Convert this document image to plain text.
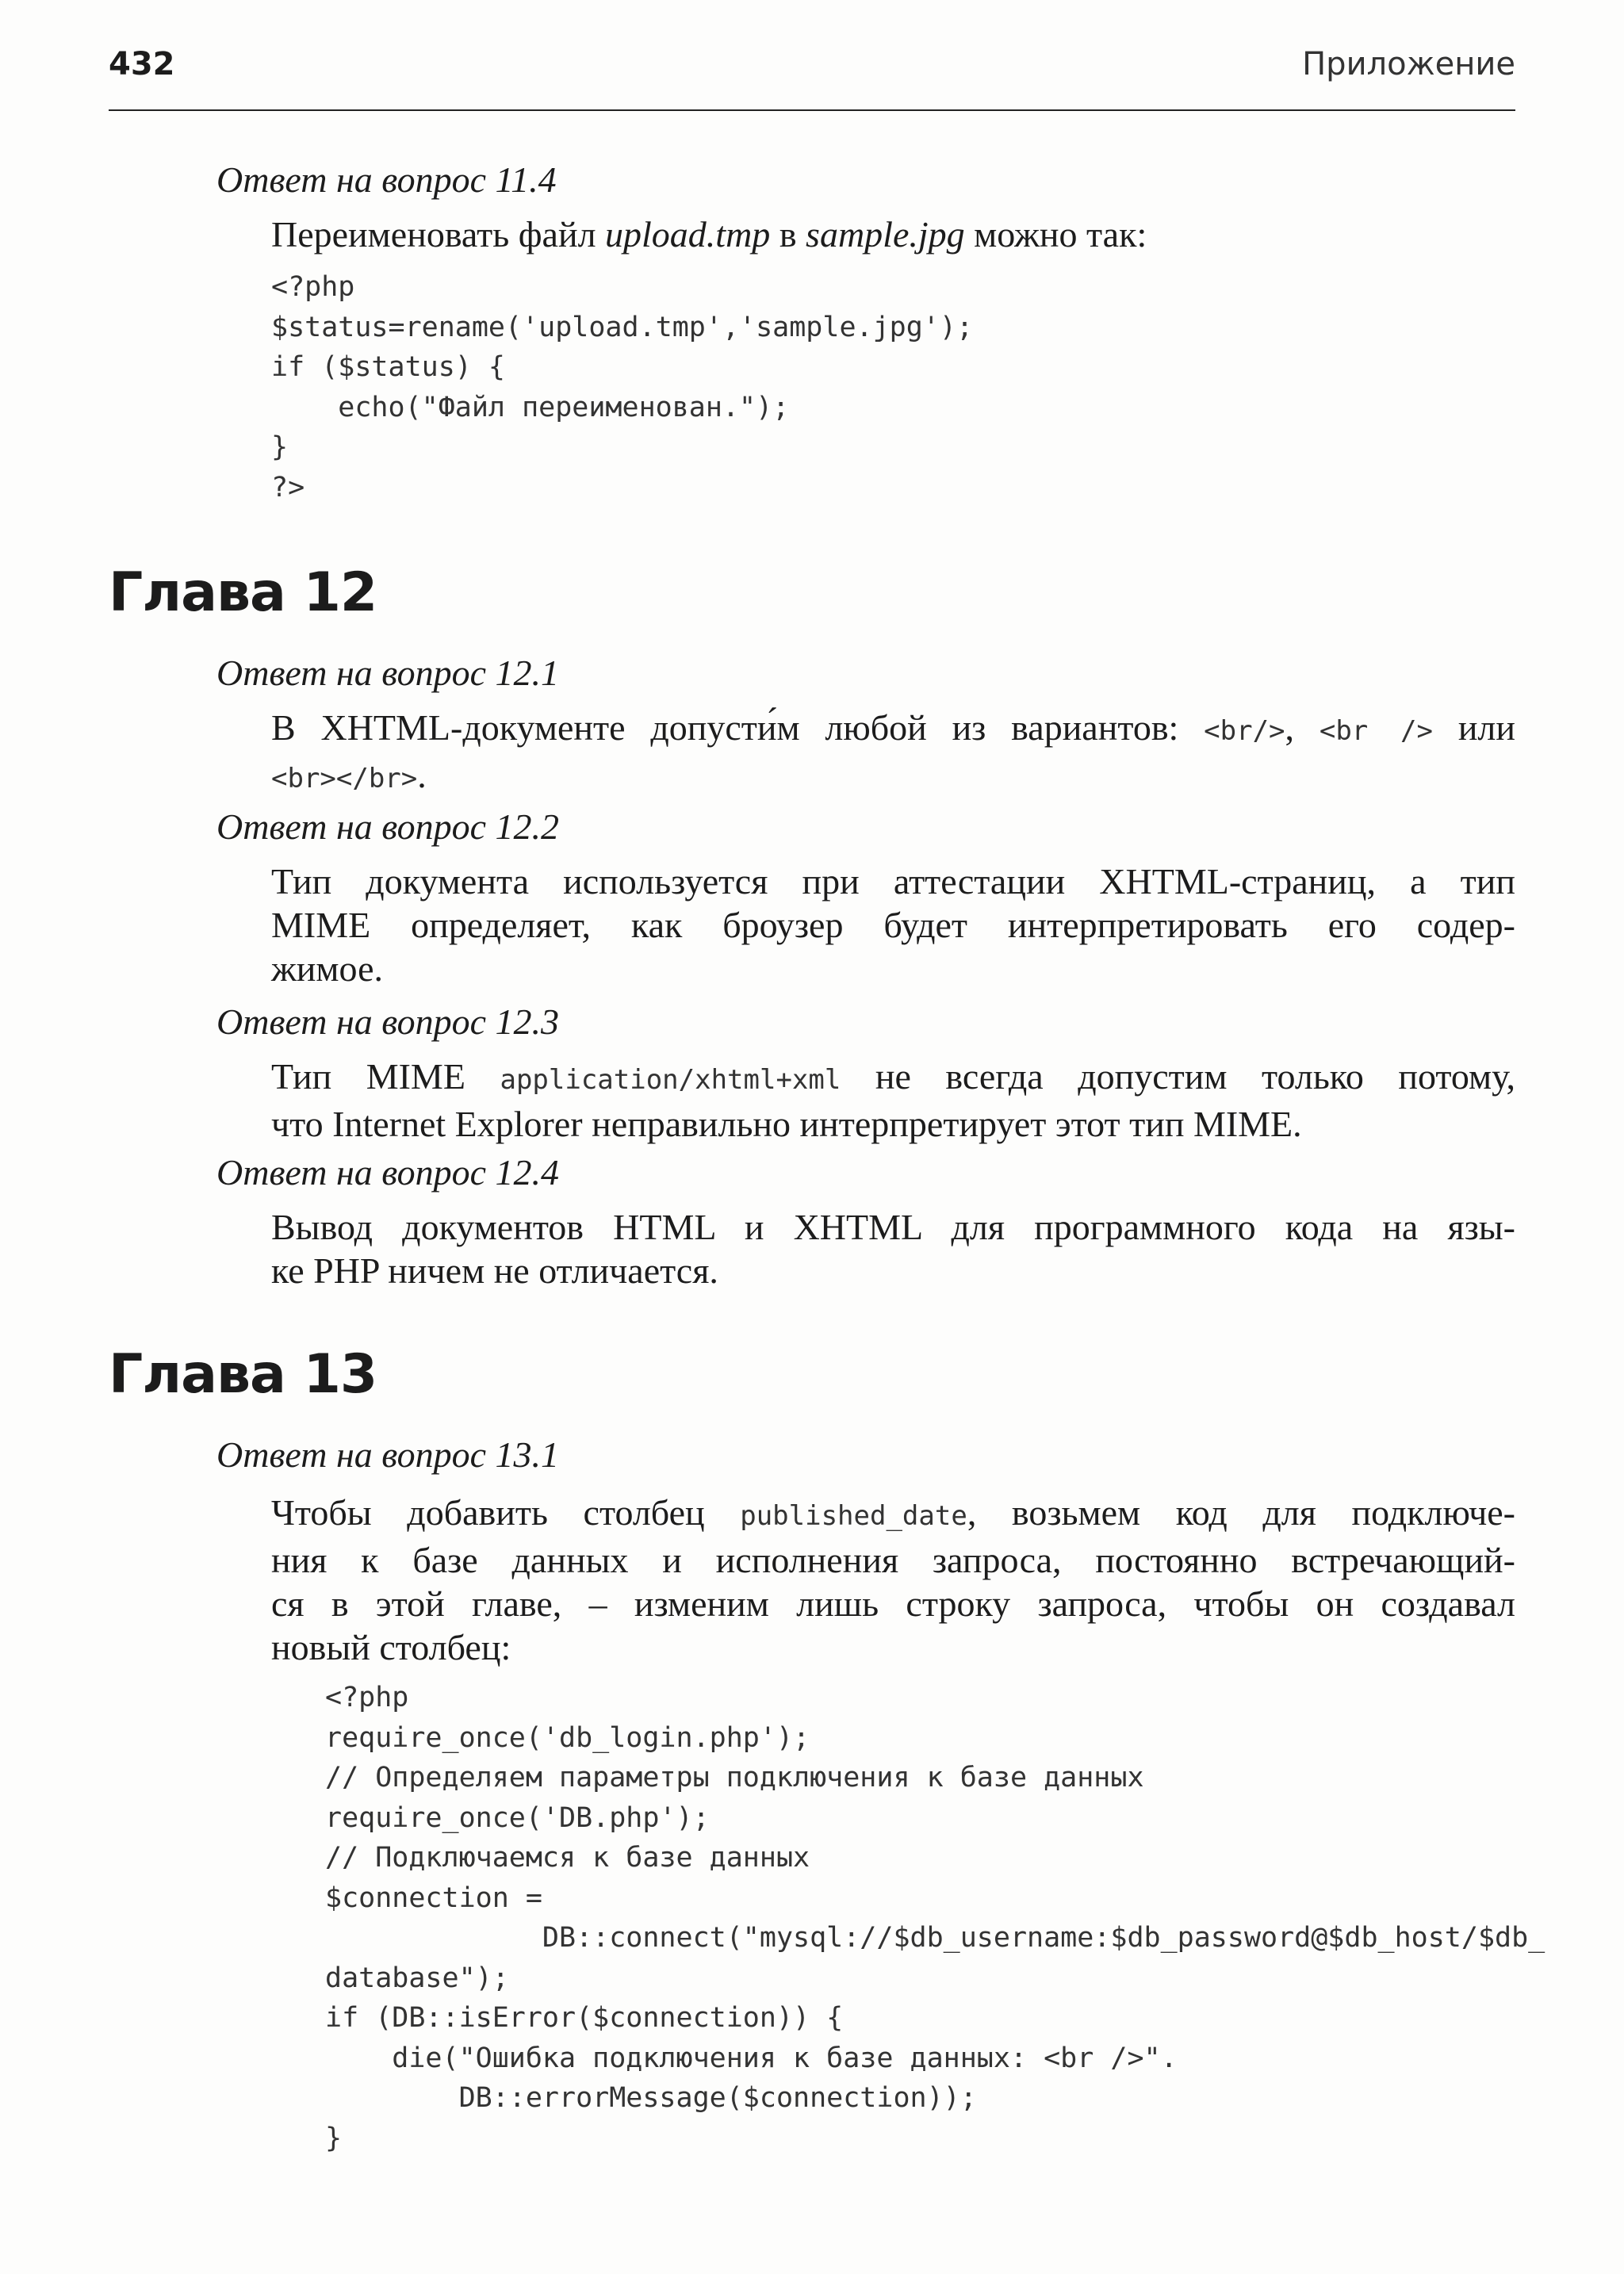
432	Приложение
Ответ на вопрос 11.4
Переименовать файл upload.tmp в sample.jpg можно так:
<?php
$status=rename('upload.tmp','sample.jpg');
if ($status) {
echo("Файл переименован.");
}
?>
Глава 12
Ответ на вопрос 12.1
В XHTML-документе допусти́м любой из вариантов: <br/>, <br /> или
<br></br>.
Ответ на вопрос 12.2
Тип документа используется при аттестации XHTML-страниц, а тип
MIME определяет, как броузер будет интерпретировать его содер-
жимое.
Ответ на вопрос 12.3
Тип MIME application/xhtml+xml не всегда допустим только потому,
что Internet Explorer неправильно интерпретирует этот тип MIME.
Ответ на вопрос 12.4
Вывод документов HTML и XHTML для программного кода на язы-
ке PHP ничем не отличается.
Глава 13
Ответ на вопрос 13.1
Чтобы добавить столбец published_date, возьмем код для подключе-
ния к базе данных и исполнения запроса, постоянно встречающий-
ся в этой главе, – изменим лишь строку запроса, чтобы он создавал
новый столбец:
<?php
require_once('db_login.php');
// Определяем параметры подключения к базе данных
require_once('DB.php');
// Подключаемся к базе данных
$connection =
DB::connect("mysql://$db_username:$db_password@$db_host/$db_
database");
if (DB::isError($connection)) {
die("Ошибка подключения к базе данных: <br />".
DB::errorMessage($connection));
}
